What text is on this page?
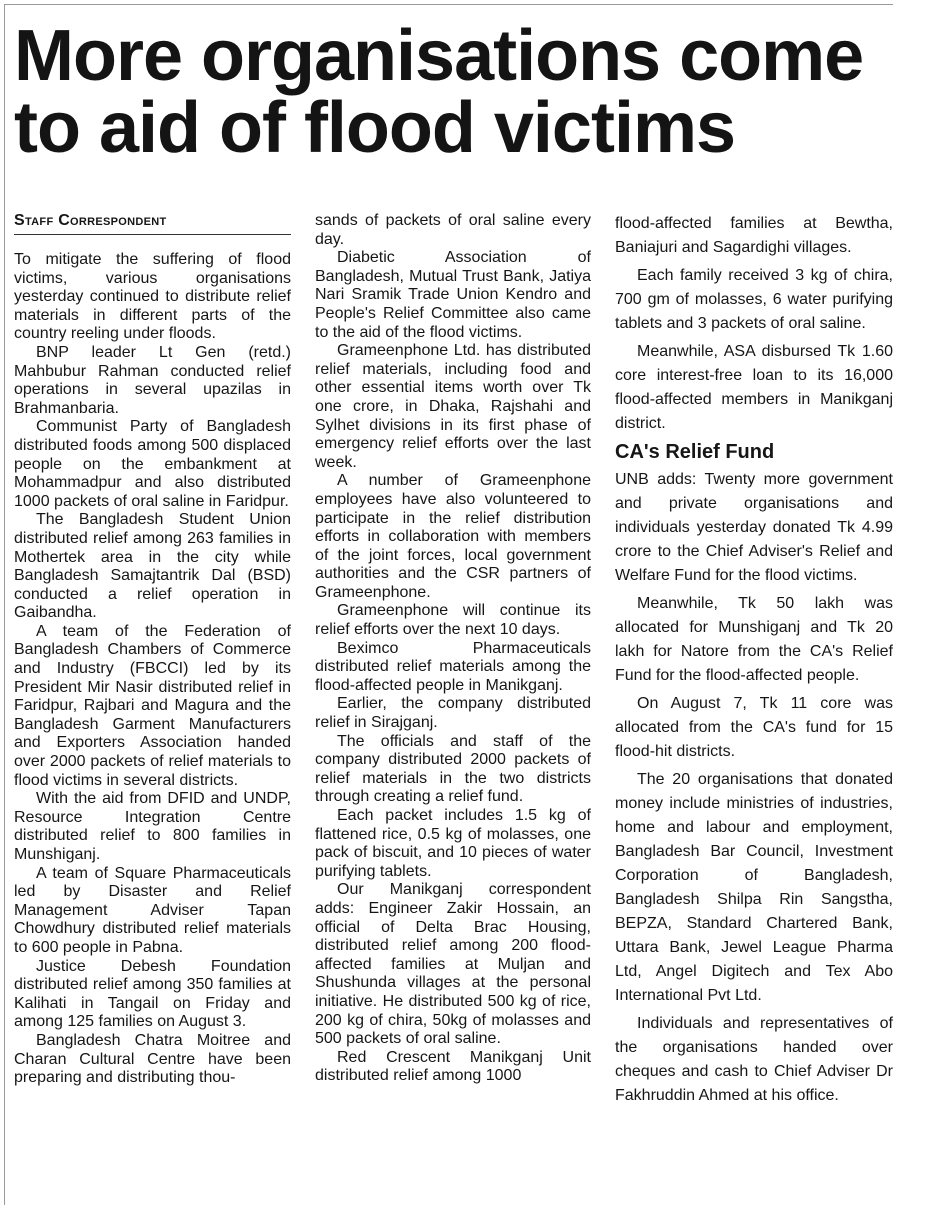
More organisations come to aid of flood victims
Staff Correspondent

To mitigate the suffering of flood victims, various organisations yesterday continued to distribute relief materials in different parts of the country reeling under floods.

BNP leader Lt Gen (retd.) Mahbubur Rahman conducted relief operations in several upazilas in Brahmanbaria.

Communist Party of Bangladesh distributed foods among 500 displaced people on the embankment at Mohammadpur and also distributed 1000 packets of oral saline in Faridpur.

The Bangladesh Student Union distributed relief among 263 families in Mothertek area in the city while Bangladesh Samajtantrik Dal (BSD) conducted a relief operation in Gaibandha.

A team of the Federation of Bangladesh Chambers of Commerce and Industry (FBCCI) led by its President Mir Nasir distributed relief in Faridpur, Rajbari and Magura and the Bangladesh Garment Manufacturers and Exporters Association handed over 2000 packets of relief materials to flood victims in several districts.

With the aid from DFID and UNDP, Resource Integration Centre distributed relief to 800 families in Munshiganj.

A team of Square Pharmaceuticals led by Disaster and Relief Management Adviser Tapan Chowdhury distributed relief materials to 600 people in Pabna.

Justice Debesh Foundation distributed relief among 350 families at Kalihati in Tangail on Friday and among 125 families on August 3.

Bangladesh Chatra Moitree and Charan Cultural Centre have been preparing and distributing thou-

sands of packets of oral saline every day.

Diabetic Association of Bangladesh, Mutual Trust Bank, Jatiya Nari Sramik Trade Union Kendro and People's Relief Committee also came to the aid of the flood victims.

Grameenphone Ltd. has distributed relief materials, including food and other essential items worth over Tk one crore, in Dhaka, Rajshahi and Sylhet divisions in its first phase of emergency relief efforts over the last week.

A number of Grameenphone employees have also volunteered to participate in the relief distribution efforts in collaboration with members of the joint forces, local government authorities and the CSR partners of Grameenphone.

Grameenphone will continue its relief efforts over the next 10 days.

Beximco Pharmaceuticals distributed relief materials among the flood-affected people in Manikganj.

Earlier, the company distributed relief in Sirajganj.

The officials and staff of the company distributed 2000 packets of relief materials in the two districts through creating a relief fund.

Each packet includes 1.5 kg of flattened rice, 0.5 kg of molasses, one pack of biscuit, and 10 pieces of water purifying tablets.

Our Manikganj correspondent adds: Engineer Zakir Hossain, an official of Delta Brac Housing, distributed relief among 200 flood-affected families at Muljan and Shushunda villages at the personal initiative. He distributed 500 kg of rice, 200 kg of chira, 50kg of molasses and 500 packets of oral saline.

Red Crescent Manikganj Unit distributed relief among 1000

flood-affected families at Bewtha, Baniajuri and Sagardighi villages.

Each family received 3 kg of chira, 700 gm of molasses, 6 water purifying tablets and 3 packets of oral saline.

Meanwhile, ASA disbursed Tk 1.60 core interest-free loan to its 16,000 flood-affected members in Manikganj district.

CA's Relief Fund

UNB adds: Twenty more government and private organisations and individuals yesterday donated Tk 4.99 crore to the Chief Adviser's Relief and Welfare Fund for the flood victims.

Meanwhile, Tk 50 lakh was allocated for Munshiganj and Tk 20 lakh for Natore from the CA's Relief Fund for the flood-affected people.

On August 7, Tk 11 core was allocated from the CA's fund for 15 flood-hit districts.

The 20 organisations that donated money include ministries of industries, home and labour and employment, Bangladesh Bar Council, Investment Corporation of Bangladesh, Bangladesh Shilpa Rin Sangstha, BEPZA, Standard Chartered Bank, Uttara Bank, Jewel League Pharma Ltd, Angel Digitech and Tex Abo International Pvt Ltd.

Individuals and representatives of the organisations handed over cheques and cash to Chief Adviser Dr Fakhruddin Ahmed at his office.
